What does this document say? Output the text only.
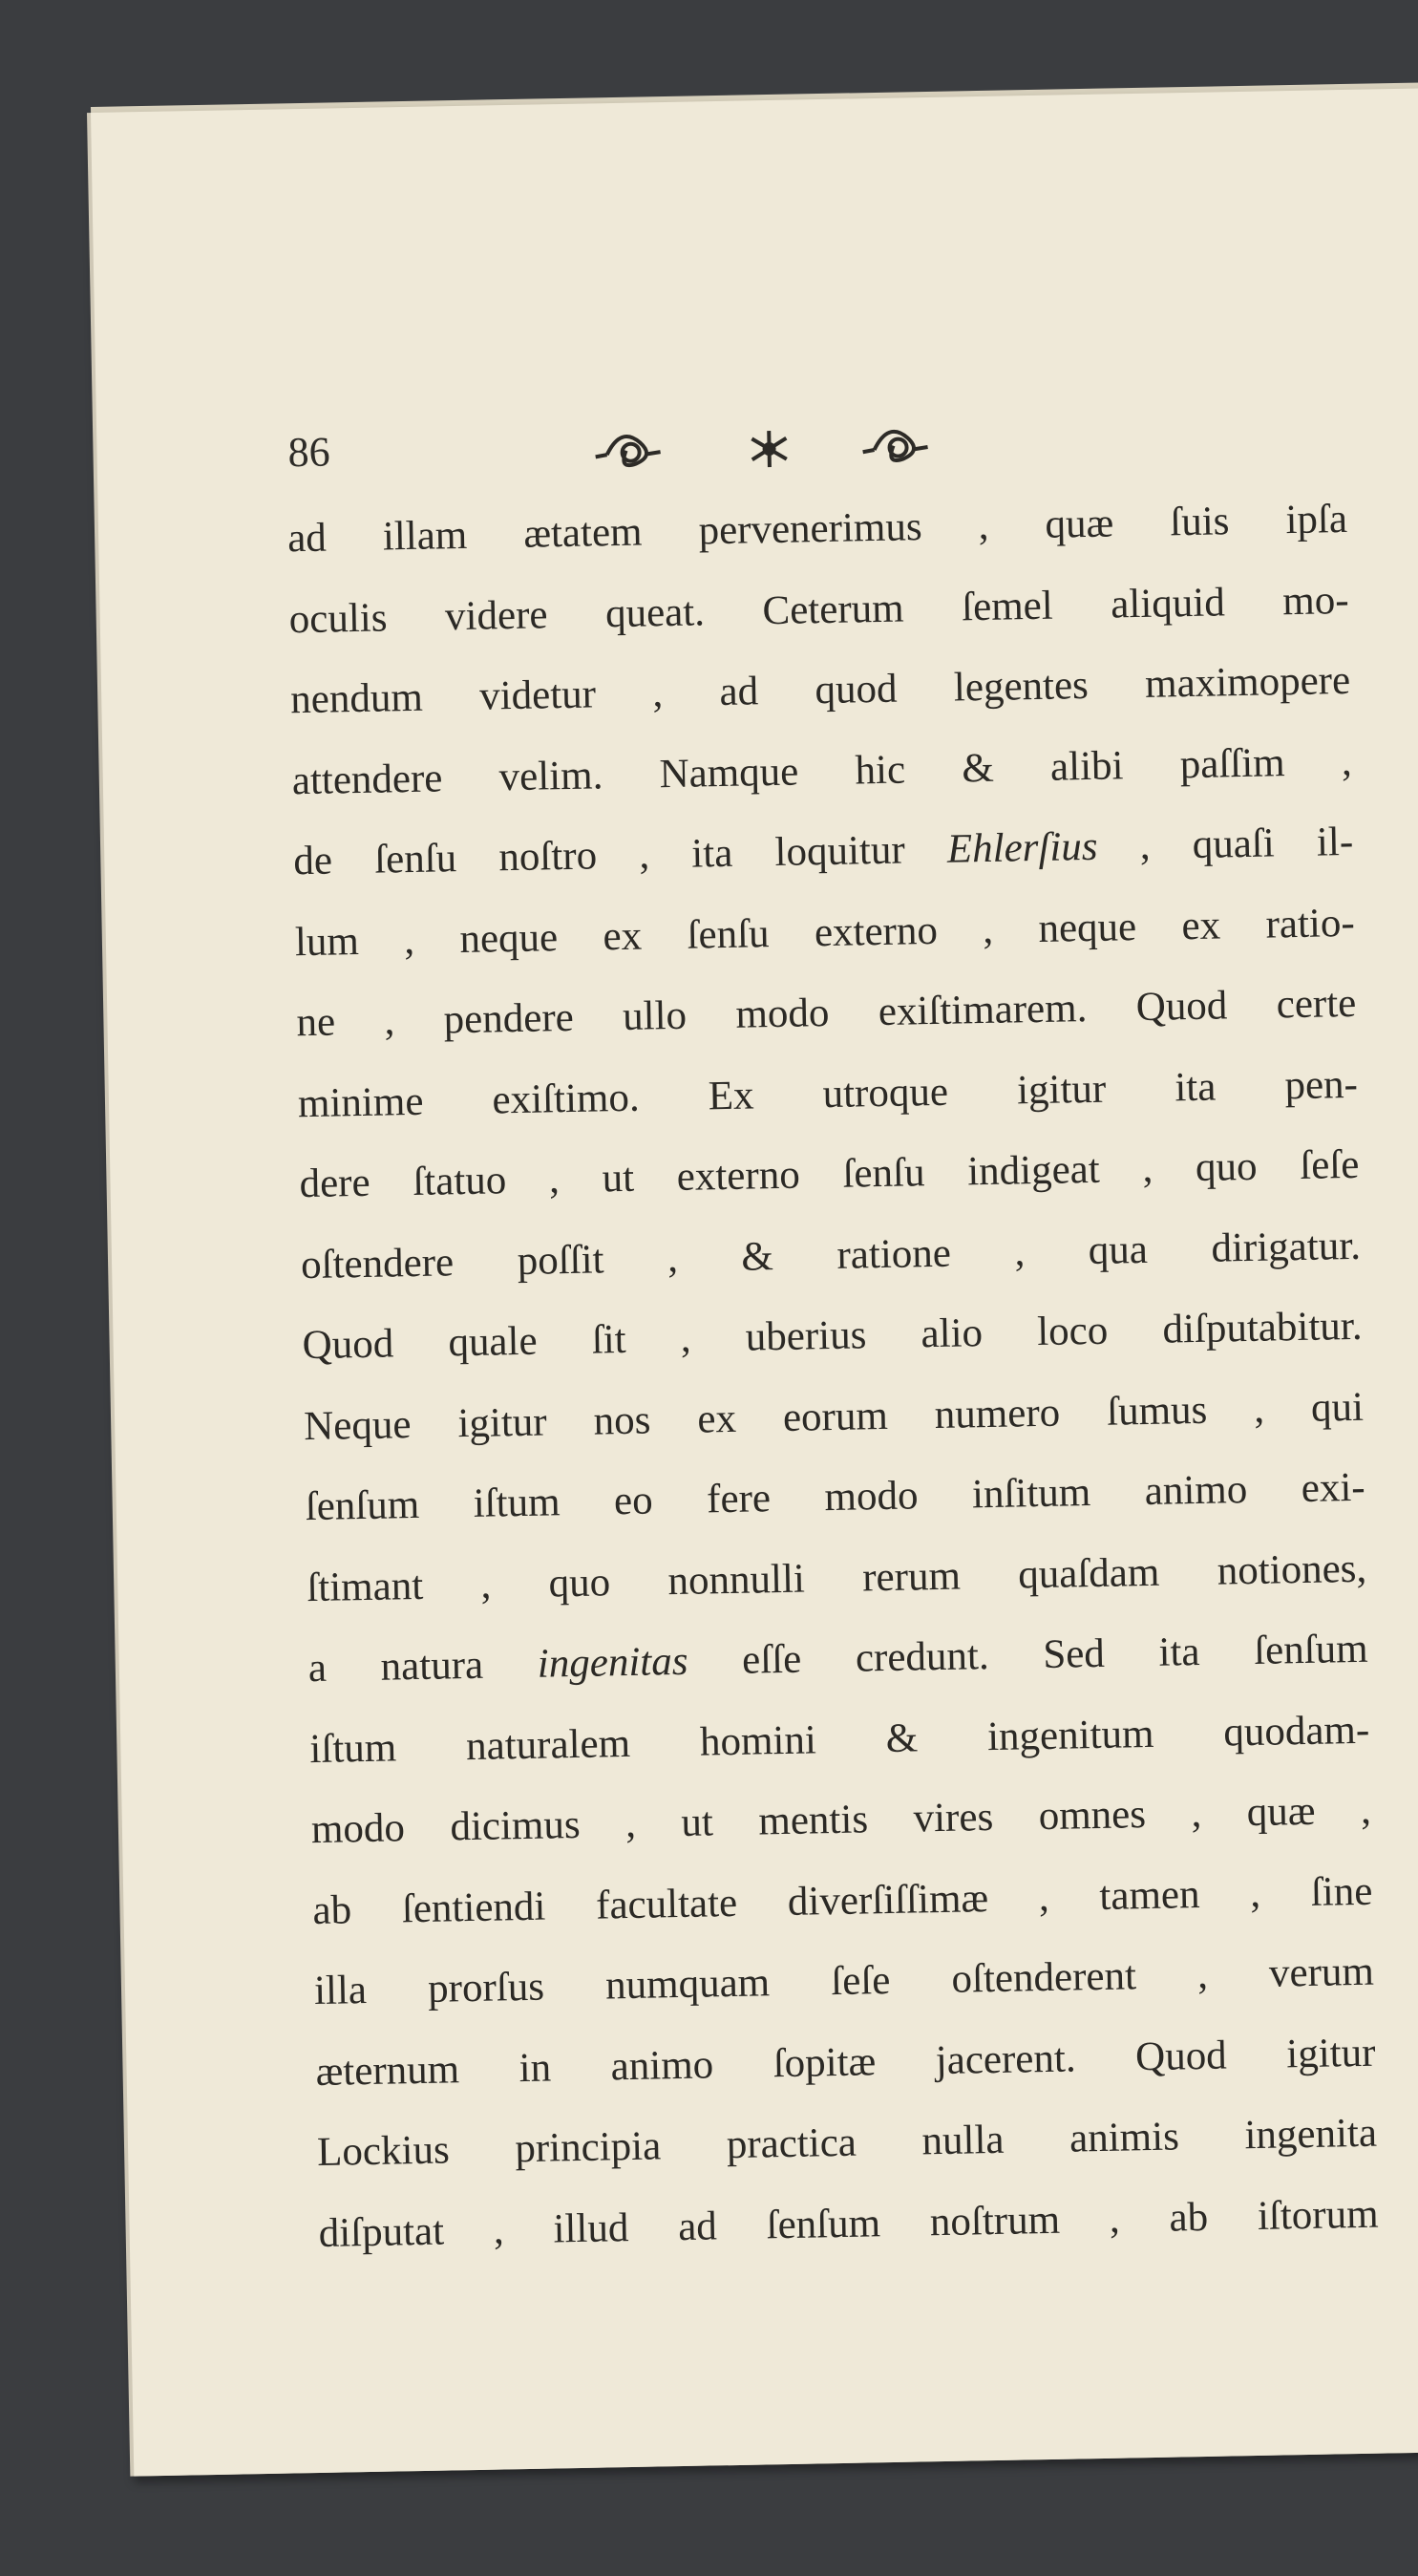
86
ad illam ætatem pervenerimus , quæ ſuis ipſa
oculis videre queat. Ceterum ſemel aliquid mo-
nendum videtur , ad quod legentes maximopere
attendere velim. Namque hic & alibi paſſim ,
de ſenſu noſtro , ita loquitur Ehlerſius , quaſi il-
lum , neque ex ſenſu externo , neque ex ratio-
ne , pendere ullo modo exiſtimarem. Quod certe
minime exiſtimo. Ex utroque igitur ita pen-
dere ſtatuo , ut externo ſenſu indigeat , quo ſeſe
oſtendere poſſit , & ratione , qua dirigatur.
Quod quale ſit , uberius alio loco diſputabitur.
Neque igitur nos ex eorum numero ſumus , qui
ſenſum iſtum eo fere modo inſitum animo exi-
ſtimant , quo nonnulli rerum quaſdam notiones,
a natura ingenitas eſſe credunt. Sed ita ſenſum
iſtum naturalem homini & ingenitum quodam-
modo dicimus , ut mentis vires omnes , quæ ,
ab ſentiendi facultate diverſiſſimæ , tamen , ſine
illa prorſus numquam ſeſe oſtenderent , verum
æternum in animo ſopitæ jacerent. Quod igitur
Lockius principia practica nulla animis ingenita
diſputat , illud ad ſenſum noſtrum , ab iſtorum
